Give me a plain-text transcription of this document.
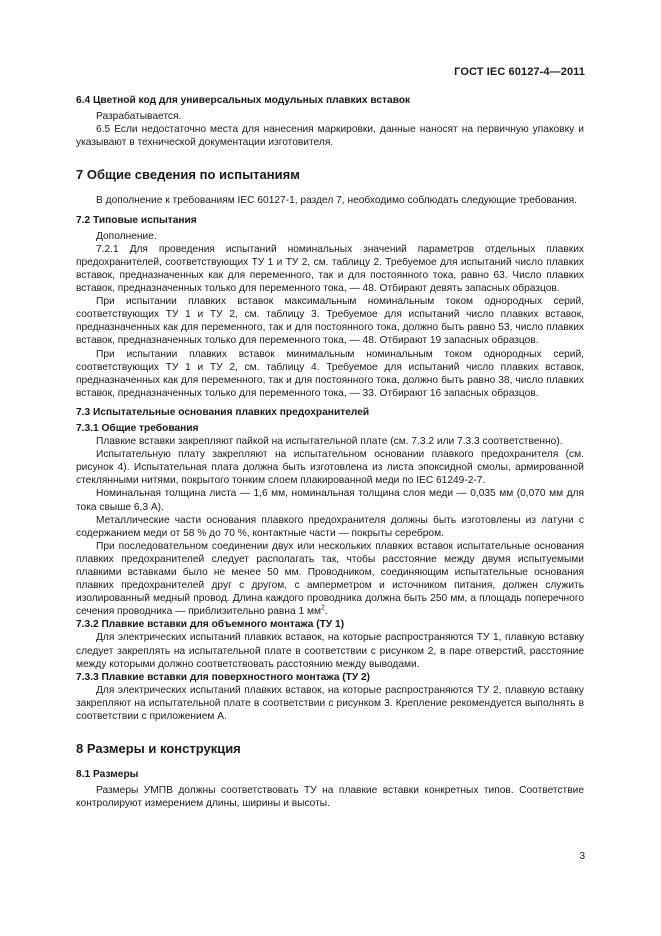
ГОСТ IEC 60127-4—2011

6.4 Цветной код для универсальных модульных плавких вставок

Разрабатывается.

6.5 Если недостаточно места для нанесения маркировки, данные наносят на первичную упаковку и указывают в технической документации изготовителя.

7 Общие сведения по испытаниям

В дополнение к требованиям IEC 60127-1, раздел 7, необходимо соблюдать следующие требования.

7.2 Типовые испытания

Дополнение.

7.2.1 Для проведения испытаний номинальных значений параметров отдельных плавких предохранителей, соответствующих ТУ 1 и ТУ 2, см. таблицу 2. Требуемое для испытаний число плавких вставок, предназначенных как для переменного, так и для постоянного тока, равно 63. Число плавких вставок, предназначенных только для переменного тока, — 48. Отбирают девять запасных образцов.

При испытании плавких вставок максимальным номинальным током однородных серий, соответствующих ТУ 1 и ТУ 2, см. таблицу 3. Требуемое для испытаний число плавких вставок, предназначенных как для переменного, так и для постоянного тока, должно быть равно 53, число плавких вставок, предназначенных только для переменного тока, — 48. Отбирают 19 запасных образцов.

При испытании плавких вставок минимальным номинальным током однородных серий, соответствующих ТУ 1 и ТУ 2, см. таблицу 4. Требуемое для испытаний число плавких вставок, предназначенных как для переменного, так и для постоянного тока, должно быть равно 38, число плавких вставок, предназначенных только для переменного тока, — 33. Отбирают 16 запасных образцов.

7.3 Испытательные основания плавких предохранителей

7.3.1 Общие требования

Плавкие вставки закрепляют пайкой на испытательной плате (см. 7.3.2 или 7.3.3 соответственно).

Испытательную плату закрепляют на испытательном основании плавкого предохранителя (см. рисунок 4). Испытательная плата должна быть изготовлена из листа эпоксидной смолы, армированной стеклянными нитями, покрытого тонким слоем плакированной меди по IEC 61249-2-7.

Номинальная толщина листа — 1,6 мм, номинальная толщина слоя меди — 0,035 мм (0,070 мм для тока свыше 6,3 А).

Металлические части основания плавкого предохранителя должны быть изготовлены из латуни с содержанием меди от 58 % до 70 %, контактные части — покрыты серебром.

При последовательном соединении двух или нескольких плавких вставок испытательные основания плавких предохранителей следует располагать так, чтобы расстояние между двумя испытуемыми плавкими вставками было не менее 50 мм. Проводником, соединяющим испытательные основания плавких предохранителей друг с другом, с амперметром и источником питания, должен служить изолированный медный провод. Длина каждого проводника должна быть 250 мм, а площадь поперечного сечения проводника — приблизительно равна 1 $мм^2$.

7.3.2 Плавкие вставки для объемного монтажа (ТУ 1)

Для электрических испытаний плавких вставок, на которые распространяются ТУ 1, плавкую вставку следует закреплять на испытательной плате в соответствии с рисунком 2, в паре отверстий, расстояние между которыми должно соответствовать расстоянию между выводами.

7.3.3 Плавкие вставки для поверхностного монтажа (ТУ 2)

Для электрических испытаний плавких вставок, на которые распространяются ТУ 2, плавкую вставку закрепляют на испытательной плате в соответствии с рисунком 3. Крепление рекомендуется выполнять в соответствии с приложением А.

8 Размеры и конструкция

8.1 Размеры

Размеры УМПВ должны соответствовать ТУ на плавкие вставки конкретных типов. Соответствие контролируют измерением длины, ширины и высоты.

3
